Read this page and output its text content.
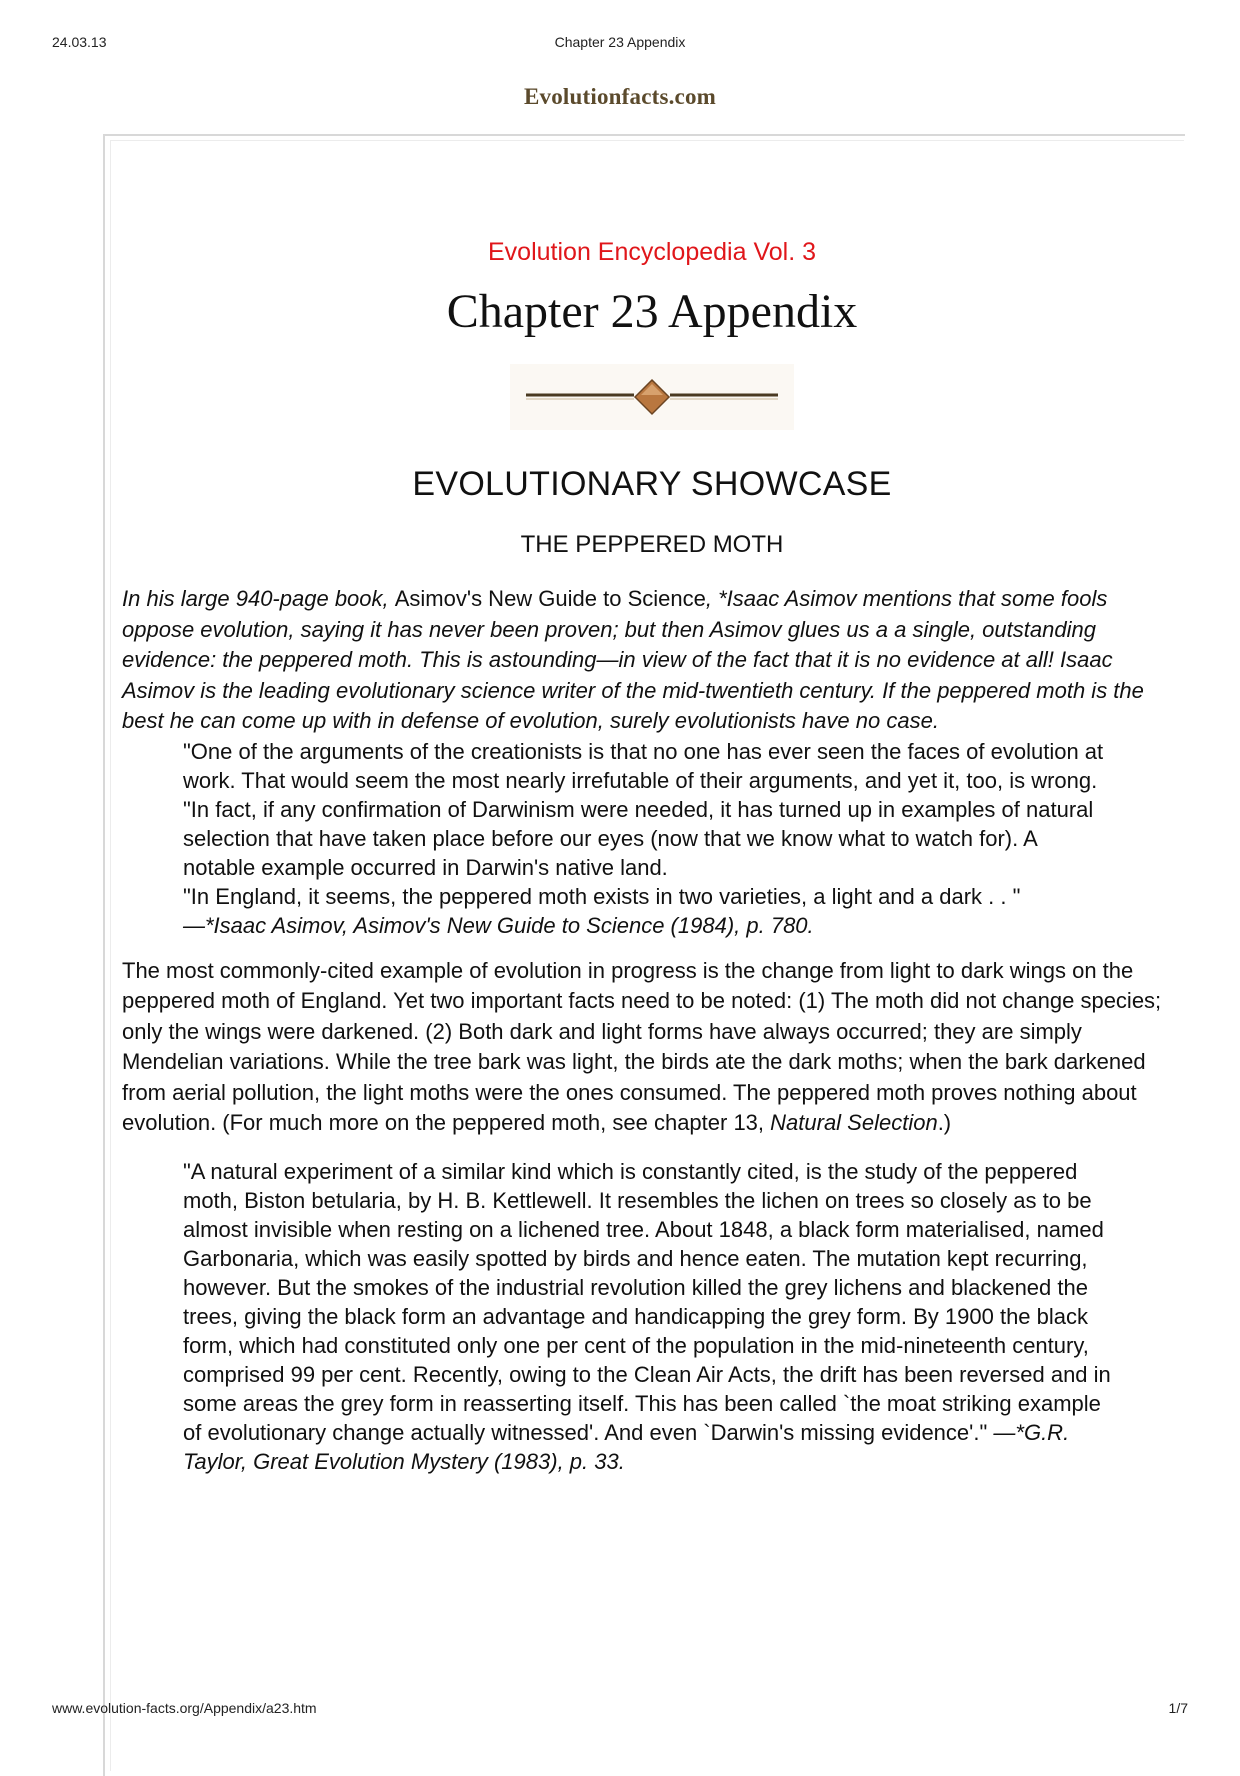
24.03.13	Chapter 23 Appendix
Evolutionfacts.com

Evolution Encyclopedia Vol. 3

Chapter 23 Appendix
EVOLUTIONARY SHOWCASE
THE PEPPERED MOTH

In his large 940-page book, Asimov's New Guide to Science, *Isaac Asimov mentions that some fools oppose evolution, saying it has never been proven; but then Asimov glues us a a single, outstanding evidence: the peppered moth. This is astounding—in view of the fact that it is no evidence at all! Isaac Asimov is the leading evolutionary science writer of the mid-twentieth century. If the peppered moth is the best he can come up with in defense of evolution, surely evolutionists have no case.

"One of the arguments of the creationists is that no one has ever seen the faces of evolution at work. That would seem the most nearly irrefutable of their arguments, and yet it, too, is wrong.

"In fact, if any confirmation of Darwinism were needed, it has turned up in examples of natural selection that have taken place before our eyes (now that we know what to watch for). A notable example occurred in Darwin's native land.

"In England, it seems, the peppered moth exists in two varieties, a light and a dark . . "
—*Isaac Asimov, Asimov's New Guide to Science (1984), p. 780.

The most commonly-cited example of evolution in progress is the change from light to dark wings on the peppered moth of England. Yet two important facts need to be noted: (1) The moth did not change species; only the wings were darkened. (2) Both dark and light forms have always occurred; they are simply Mendelian variations. While the tree bark was light, the birds ate the dark moths; when the bark darkened from aerial pollution, the light moths were the ones consumed. The peppered moth proves nothing about evolution. (For much more on the peppered moth, see chapter 13, Natural Selection.)

"A natural experiment of a similar kind which is constantly cited, is the study of the peppered moth, Biston betularia, by H. B. Kettlewell. It resembles the lichen on trees so closely as to be almost invisible when resting on a lichened tree. About 1848, a black form materialised, named Garbonaria, which was easily spotted by birds and hence eaten. The mutation kept recurring, however. But the smokes of the industrial revolution killed the grey lichens and blackened the trees, giving the black form an advantage and handicapping the grey form. By 1900 the black form, which had constituted only one per cent of the population in the mid-nineteenth century, comprised 99 per cent. Recently, owing to the Clean Air Acts, the drift has been reversed and in some areas the grey form in reasserting itself. This has been called `the moat striking example of evolutionary change actually witnessed'. And even `Darwin's missing evidence'." —*G.R. Taylor, Great Evolution Mystery (1983), p. 33.

www.evolution-facts.org/Appendix/a23.htm	1/7
